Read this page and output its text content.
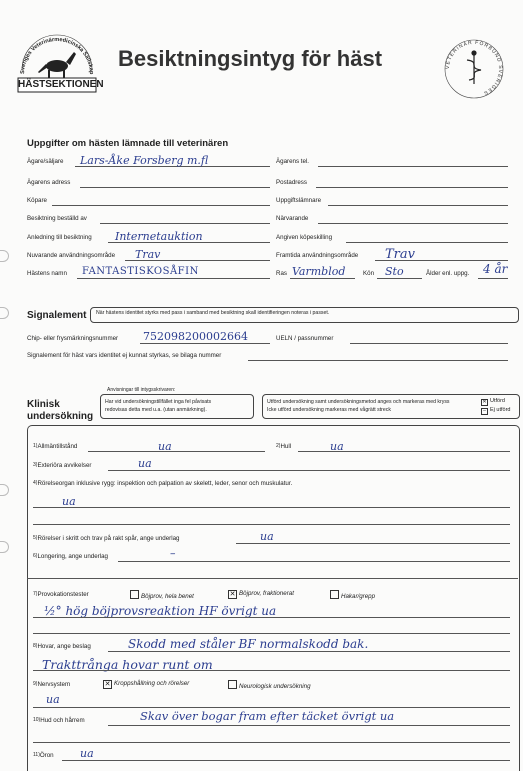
Sveriges Veterinärmedicinska Sällskap
HÄSTSEKTIONEN
Besiktningsintyg för häst	VETERINÄR FÖRBUND SVERIGES
Uppgifter om hästen lämnade till veterinären
Ägare/säljare Lars-Åke Forsberg m.fl	Ägarens tel.
Ägarens adress	Postadress
Köpare	Uppgiftslämnare
Besiktning beställd av	Närvarande
Anledning till besiktning Internetauktion	Angiven köpeskilling
Nuvarande användningsområde Trav	Framtida användningsområde Trav
Hästens namn FANTASTISKOSÅFIN	Ras Varmblod	Kön Sto	Ålder enl. uppg. 4 år
Signalement När hästens identitet styrks med pass i samband med besiktning skall identifieringen noteras i passet.
Chip- eller frysmärkningsnummer 752098200002664	UELN / passnummer
Signalement för häst vars identitet ej kunnat styrkas, se bilaga nummer
Klinisk
undersökning
Anvisningar till intygsskrivaren:
Har vid undersökningstillfället inga fel påvisats
redovisas detta med u.a. (utan anmärkning).
Utförd undersökning samt undersökningsmetod anges och markeras med kryss
Icke utförd undersökning markeras med vågrätt streck
✕ Utförd
– Ej utförd
$^{1)}$Allmäntillstånd	ua	$^{2)}$Hull	ua
$^{3)}$Exteriöra avvikelser	ua
$^{4)}$Rörelseorgan inklusive rygg: inspektion och palpation av skelett, leder, senor och muskulatur.
ua
$^{5)}$Rörelser i skritt och trav på rakt spår, ange underlag	ua
$^{6)}$Longering, ange underlag	–
$^{7)}$Provokationstester	Böjprov, hela benet	✕ Böjprov, fraktionerat	Hakar/grepp
½° hög böjprovsreaktion HF övrigt ua
$^{8)}$Hovar, ange beslag	Skodd med ståler BF normalskodd bak.
Trakttrånga hovar runt om
$^{9)}$Nervsystem	✕ Kroppshållning och rörelser	Neurologisk undersökning
ua
$^{10)}$Hud och hårrem	Skav över bogar fram efter täcket övrigt ua
$^{11)}$Öron ua
